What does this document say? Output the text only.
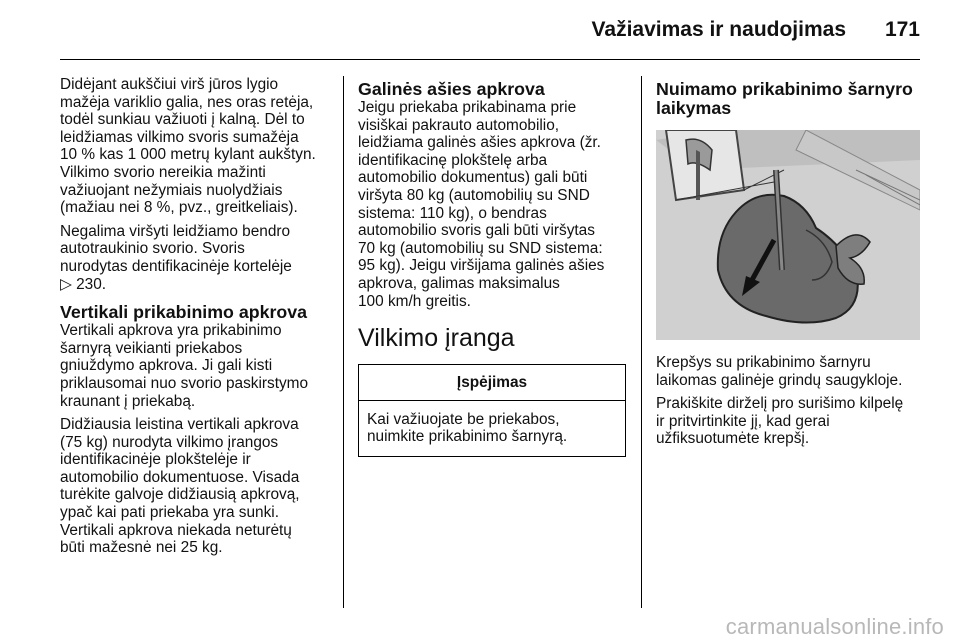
Važiavimas ir naudojimas 171

Didėjant aukščiui virš jūros lygio
mažėja variklio galia, nes oras retėja,
todėl sunkiau važiuoti į kalną. Dėl to
leidžiamas vilkimo svoris sumažėja
10 % kas 1 000 metrų kylant aukštyn.
Vilkimo svorio nereikia mažinti
važiuojant nežymiais nuolydžiais
(mažiau nei 8 %, pvz., greitkeliais).

Negalima viršyti leidžiamo bendro
autotraukinio svorio. Svoris
nurodytas dentifikacinėje kortelėje
▷ 230.

Vertikali prikabinimo apkrova

Vertikali apkrova yra prikabinimo
šarnyrą veikianti priekabos
gniuždymo apkrova. Ji gali kisti
priklausomai nuo svorio paskirstymo
kraunant į priekabą.

Didžiausia leistina vertikali apkrova
(75 kg) nurodyta vilkimo įrangos
identifikacinėje plokštelėje ir
automobilio dokumentuose. Visada
turėkite galvoje didžiausią apkrovą,
ypač kai pati priekaba yra sunki.
Vertikali apkrova niekada neturėtų
būti mažesnė nei 25 kg.

Galinės ašies apkrova

Jeigu priekaba prikabinama prie
visiškai pakrauto automobilio,
leidžiama galinės ašies apkrova (žr.
identifikacinę plokštelę arba
automobilio dokumentus) gali būti
viršyta 80 kg (automobilių su SND
sistema: 110 kg), o bendras
automobilio svoris gali būti viršytas
70 kg (automobilių su SND sistema:
95 kg). Jeigu viršijama galinės ašies
apkrova, galimas maksimalus
100 km/h greitis.

Vilkimo įranga
Įspėjimas
Kai važiuojate be priekabos,
nuimkite prikabinimo šarnyrą.
Nuimamo prikabinimo šarnyro
laikymas

Krepšys su prikabinimo šarnyru
laikomas galinėje grindų saugykloje.

Prakiškite dirželį pro surišimo kilpelę
ir pritvirtinkite jį, kad gerai
užfiksuotumėte krepšį.

carmanualsonline.info
